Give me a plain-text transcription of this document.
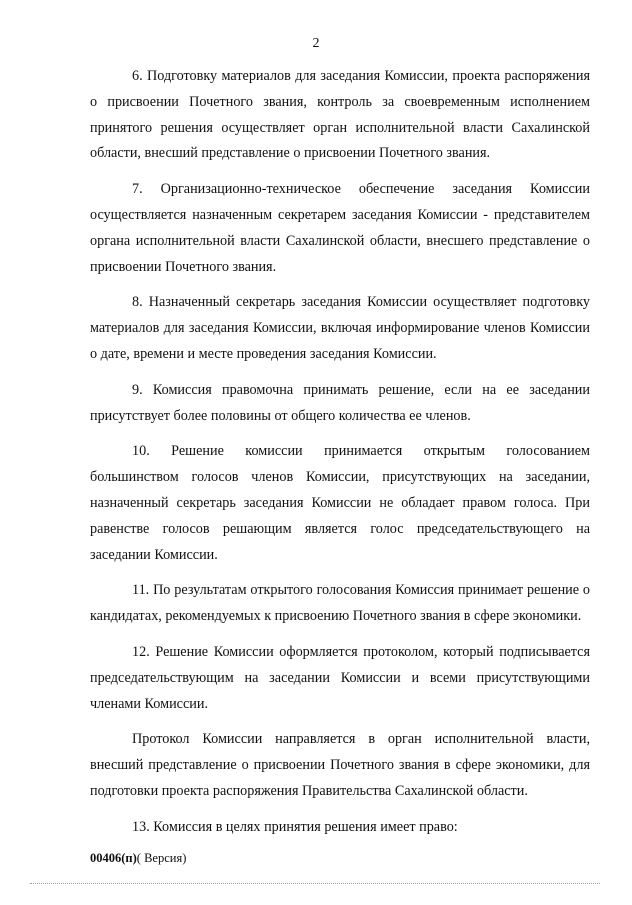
2

6. Подготовку материалов для заседания Комиссии, проекта распоряжения о присвоении Почетного звания, контроль за своевременным исполнением принятого решения осуществляет орган исполнительной власти Сахалинской области, внесший представление о присвоении Почетного звания.

7. Организационно-техническое обеспечение заседания Комиссии осуществляется назначенным секретарем заседания Комиссии - представителем органа исполнительной власти Сахалинской области, внесшего представление о присвоении Почетного звания.

8. Назначенный секретарь заседания Комиссии осуществляет подготовку материалов для заседания Комиссии, включая информирование членов Комиссии о дате, времени и месте проведения заседания Комиссии.

9. Комиссия правомочна принимать решение, если на ее заседании присутствует более половины от общего количества ее членов.

10. Решение комиссии принимается открытым голосованием большинством голосов членов Комиссии, присутствующих на заседании, назначенный секретарь заседания Комиссии не обладает правом голоса. При равенстве голосов решающим является голос председательствующего на заседании Комиссии.

11. По результатам открытого голосования Комиссия принимает решение о кандидатах, рекомендуемых к присвоению Почетного звания в сфере экономики.

12. Решение Комиссии оформляется протоколом, который подписывается председательствующим на заседании Комиссии и всеми присутствующими членами Комиссии.

Протокол Комиссии направляется в орган исполнительной власти, внесший представление о присвоении Почетного звания в сфере экономики, для подготовки проекта распоряжения Правительства Сахалинской области.

13. Комиссия в целях принятия решения имеет право:

00406(п)( Версия)
